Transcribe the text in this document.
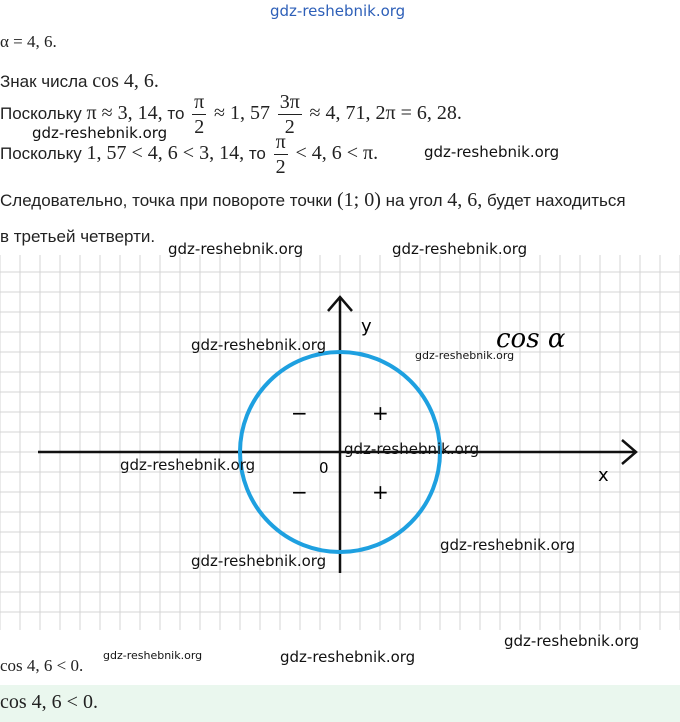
gdz-reshebnik.org
α = 4, 6.
Знак числа cos 4, 6.
Поскольку π ≈ 3, 14, то $\frac{\pi}{2} \approx 1$, $57 \frac{3\pi}{2} \approx 4$, 71, 2π = 6, 28.
Поскольку 1, 57 < 4, 6 < 3, 14, то $\frac{\pi}{2} < 4$, 6 < π.
Следовательно, точка при повороте точки (1; 0) на угол 4, 6, будет находиться
в третьей четверти.
y
x
0
cos α
+
−
−	+
cos 4, 6 < 0.
cos 4, 6 < 0.
gdz-reshebnik.org
gdz-reshebnik.org
gdz-reshebnik.org	gdz-reshebnik.org
gdz-reshebnik.org
gdz-reshebnik.org
gdz-reshebnik.org
gdz-reshebnik.org
gdz-reshebnik.org
gdz-reshebnik.org
gdz-reshebnik.org
gdz-reshebnik.org	gdz-reshebnik.org
